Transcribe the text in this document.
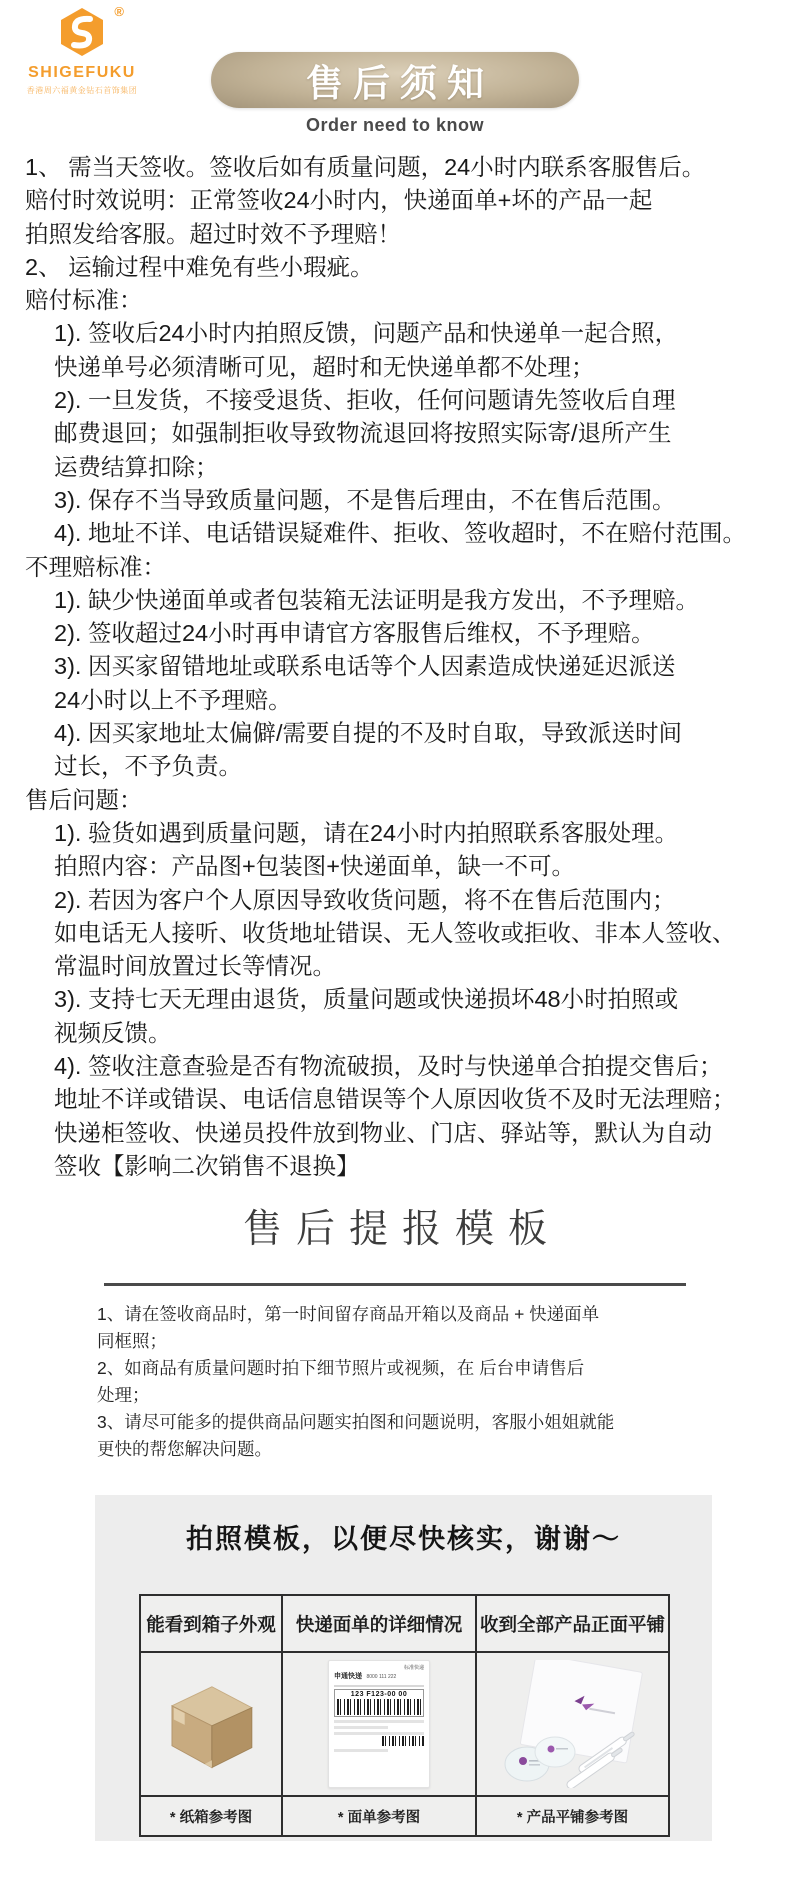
®
SHIGEFUKU
香港周六福黄金钻石首饰集团	售后须知
Order need to know
1、 需当天签收。签收后如有质量问题，24小时内联系客服售后。
赔付时效说明：正常签收24小时内，快递面单+坏的产品一起
拍照发给客服。超过时效不予理赔！
2、 运输过程中难免有些小瑕疵。
赔付标准：
1). 签收后24小时内拍照反馈，问题产品和快递单一起合照，
快递单号必须清晰可见，超时和无快递单都不处理；
2). 一旦发货，不接受退货、拒收，任何问题请先签收后自理
邮费退回；如强制拒收导致物流退回将按照实际寄/退所产生
运费结算扣除；
3). 保存不当导致质量问题，不是售后理由，不在售后范围。
4). 地址不详、电话错误疑难件、拒收、签收超时，不在赔付范围。
不理赔标准：
1). 缺少快递面单或者包装箱无法证明是我方发出，不予理赔。
2). 签收超过24小时再申请官方客服售后维权，不予理赔。
3). 因买家留错地址或联系电话等个人因素造成快递延迟派送
24小时以上不予理赔。
4). 因买家地址太偏僻/需要自提的不及时自取，导致派送时间
过长，不予负责。
售后问题：
1). 验货如遇到质量问题，请在24小时内拍照联系客服处理。
拍照内容：产品图+包装图+快递面单，缺一不可。
2). 若因为客户个人原因导致收货问题，将不在售后范围内；
如电话无人接听、收货地址错误、无人签收或拒收、非本人签收、
常温时间放置过长等情况。
3). 支持七天无理由退货，质量问题或快递损坏48小时拍照或
视频反馈。
4). 签收注意查验是否有物流破损，及时与快递单合拍提交售后；
地址不详或错误、电话信息错误等个人原因收货不及时无法理赔；
快递柜签收、快递员投件放到物业、门店、驿站等，默认为自动
签收【影响二次销售不退换】
售后提报模板
1、请在签收商品时，第一时间留存商品开箱以及商品 + 快递面单
同框照；
2、如商品有质量问题时拍下细节照片或视频，在 后台申请售后
处理；
3、请尽可能多的提供商品问题实拍图和问题说明，客服小姐姐就能
更快的帮您解决问题。
拍照模板，以便尽快核实，谢谢～
能看到箱子外观	快递面单的详细情况	收到全部产品正面平铺

申通快递 8000 111 222
标准快递
123 F123-00 00

* 纸箱参考图	* 面单参考图	* 产品平铺参考图
